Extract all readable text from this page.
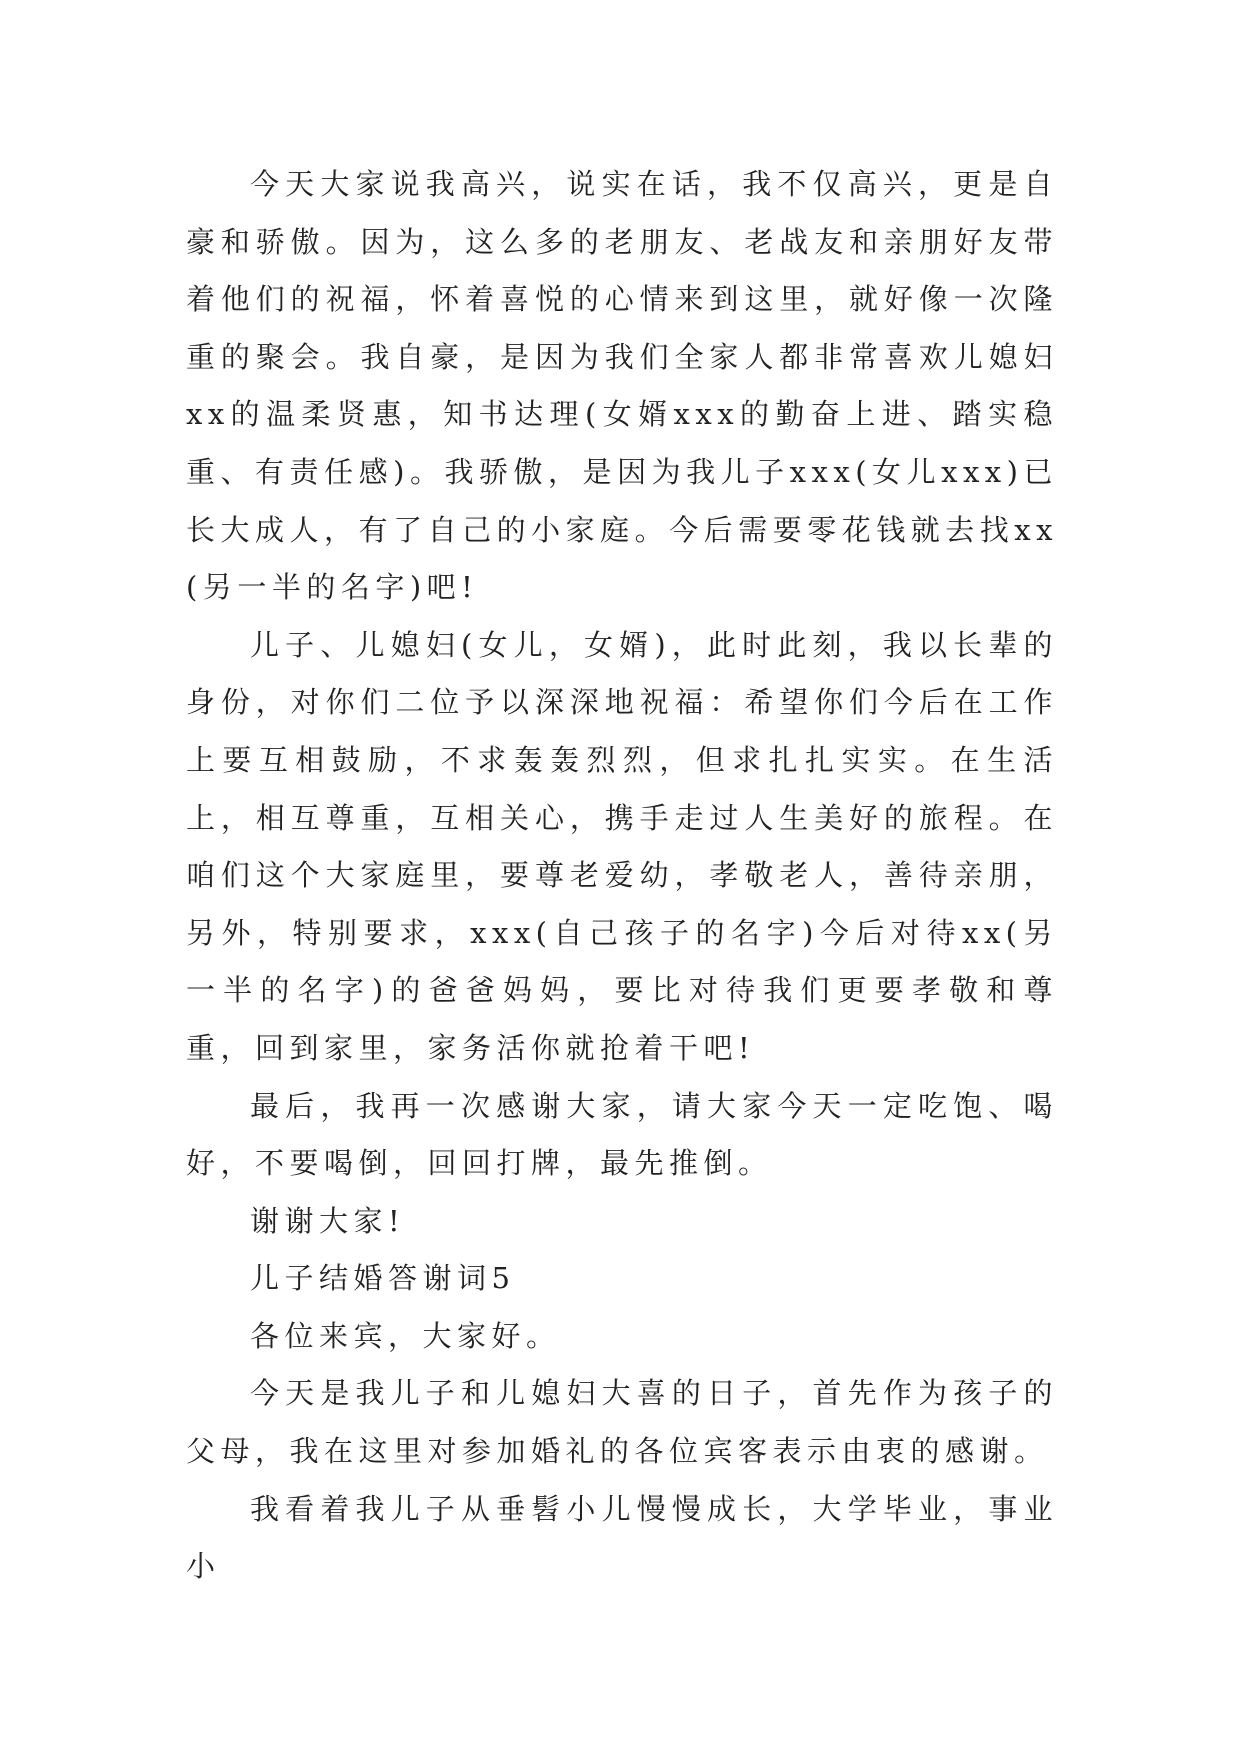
今天大家说我高兴，说实在话，我不仅高兴，更是自豪和骄傲。因为，这么多的老朋友、老战友和亲朋好友带着他们的祝福，怀着喜悦的心情来到这里，就好像一次隆重的聚会。我自豪，是因为我们全家人都非常喜欢儿媳妇xx的温柔贤惠，知书达理(女婿xxx的勤奋上进、踏实稳重、有责任感)。我骄傲，是因为我儿子xxx(女儿xxx)已长大成人，有了自己的小家庭。今后需要零花钱就去找xx(另一半的名字)吧!

儿子、儿媳妇(女儿，女婿)，此时此刻，我以长辈的身份，对你们二位予以深深地祝福：希望你们今后在工作上要互相鼓励，不求轰轰烈烈，但求扎扎实实。在生活上，相互尊重，互相关心，携手走过人生美好的旅程。在咱们这个大家庭里，要尊老爱幼，孝敬老人，善待亲朋，另外，特别要求，xxx(自己孩子的名字)今后对待xx(另一半的名字)的爸爸妈妈，要比对待我们更要孝敬和尊重，回到家里，家务活你就抢着干吧!

最后，我再一次感谢大家，请大家今天一定吃饱、喝好，不要喝倒，回回打牌，最先推倒。

谢谢大家!

儿子结婚答谢词5

各位来宾，大家好。

今天是我儿子和儿媳妇大喜的日子，首先作为孩子的父母，我在这里对参加婚礼的各位宾客表示由衷的感谢。

我看着我儿子从垂髫小儿慢慢成长，大学毕业，事业小
